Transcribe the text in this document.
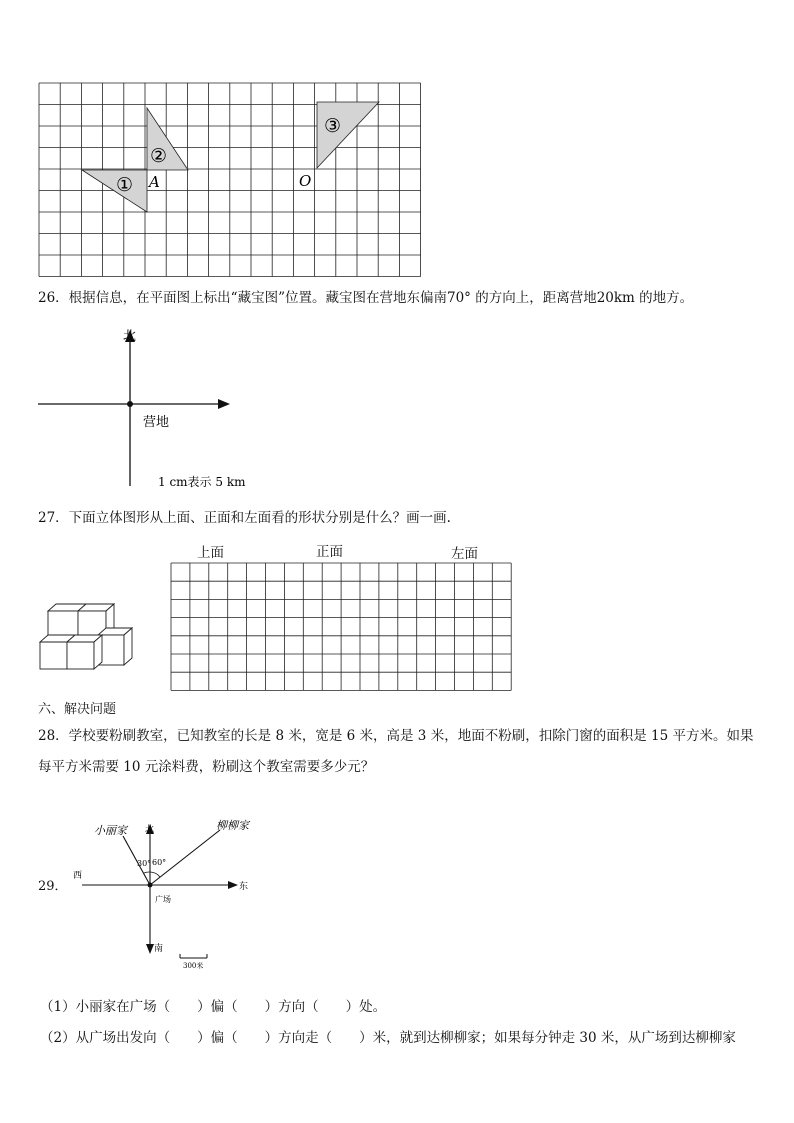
①
②
③
A	O
26．根据信息，在平面图上标出“藏宝图”位置。藏宝图在营地东偏南70° 的方向上，距离营地20km 的地方。
北
营地
1 cm表示 5 km
27．下面立体图形从上面、正面和左面看的形状分别是什么？画一画.
上面	正面	左面
六、解决问题
28．学校要粉刷教室，已知教室的长是 8 米，宽是 6 米，高是 3 米，地面不粉刷，扣除门窗的面积是 15 平方米。如果
每平方米需要 10 元涂料费，粉刷这个教室需要多少元？
29．
西
东
北
南
广场
小丽家	柳柳家
30° 60°
300米
（1）小丽家在广场（　　）偏（　　）方向（　　）处。
（2）从广场出发向（　　）偏（　　）方向走（　　）米，就到达柳柳家；如果每分钟走 30 米，从广场到达柳柳家
